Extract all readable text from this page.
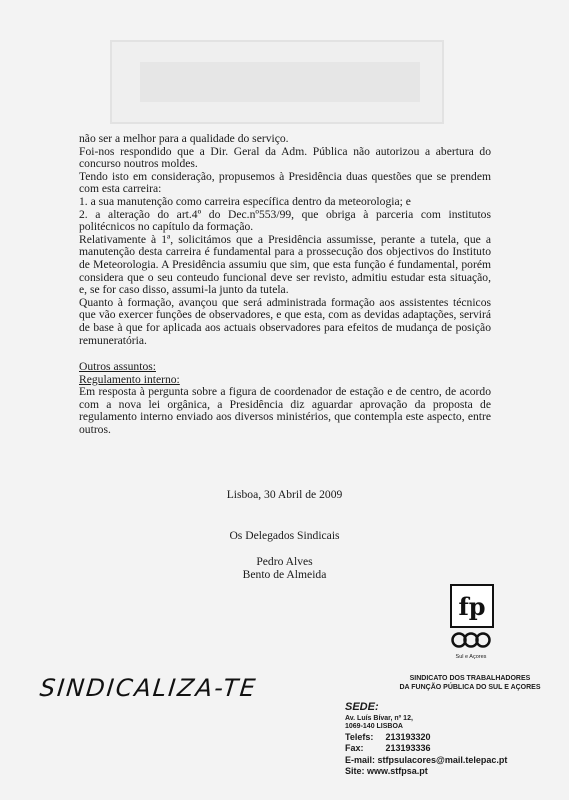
não ser a melhor para a qualidade do serviço.

Foi-nos respondido que a Dir. Geral da Adm. Pública não autorizou a abertura do concurso noutros moldes.

Tendo isto em consideração, propusemos à Presidência duas questões que se prendem com esta carreira:

1. a sua manutenção como carreira específica dentro da meteorologia; e

2. a alteração do art.4º do Dec.nº553/99, que obriga à parceria com institutos politécnicos no capítulo da formação.

Relativamente à 1ª, solicitámos que a Presidência assumisse, perante a tutela, que a manutenção desta carreira é fundamental para a prossecução dos objectivos do Instituto de Meteorologia. A Presidência assumiu que sim, que esta função é fundamental, porém considera que o seu conteudo funcional deve ser revisto, admitiu estudar esta situação, e, se for caso disso, assumi-la junto da tutela.

Quanto à formação, avançou que será administrada formação aos assistentes técnicos que vão exercer funções de observadores, e que esta, com as devidas adaptações, servirá de base à que for aplicada aos actuais observadores para efeitos de mudança de posição remuneratória.

Outros assuntos:

Regulamento interno:

Em resposta à pergunta sobre a figura de coordenador de estação e de centro, de acordo com a nova lei orgânica, a Presidência diz aguardar aprovação da proposta de regulamento interno enviado aos diversos ministérios, que contempla este aspecto, entre outros.

Lisboa, 30 Abril de 2009
Os Delegados Sindicais
Pedro Alves
Bento de Almeida
SINDICALIZA-TE
fp
Sul e Açores
SINDICATO DOS TRABALHADORES
DA FUNÇÃO PÚBLICA DO SUL E AÇORES
SEDE:
Av. Luís Bívar, nº 12,
1069-140 LISBOA
Telefs: 213193320
Fax: 213193336
E-mail: stfpsulacores@mail.telepac.pt
Site: www.stfpsa.pt
